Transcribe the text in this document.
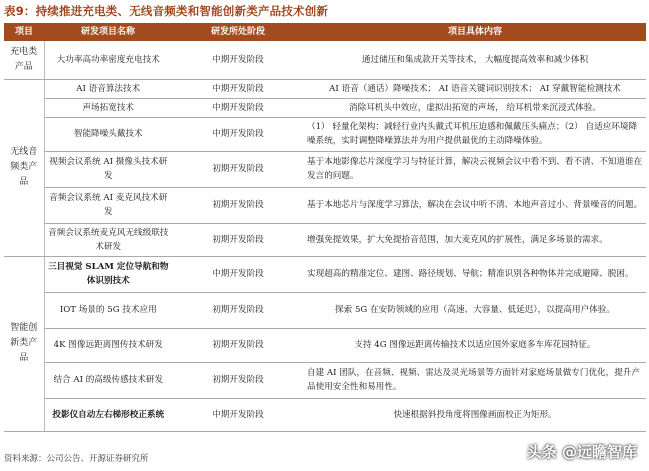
表9：持续推进充电类、无线音频类和智能创新类产品技术创新
项目	研发项目名称	研发所处阶段	项目具体内容
充电类产品	大功率高功率密度充电技术	中期开发阶段	通过储压和集成款开关等技术， 大幅度提高效率和减少体积
无线音频类产品	AI 语音算法技术	中期开发阶段	AI 语音（通话）降噪技术； AI 语音关键词识别技术； AI 穿戴智能检测技术
	声场拓宽技术	中期开发阶段	消除耳机头中效应，虚拟出拓宽的声场， 给耳机带来沉浸式体验。
	智能降噪头戴技术	中期开发阶段	（1） 轻量化架构：减轻行业内头戴式耳机压迫感和佩戴压头痛点；（2） 自适应环境降噪系统，实时调整降噪算法并为用户提供最优的主动降噪体验。
	视频会议系统 AI 摄像头技术研发	初期开发阶段	基于本地影像芯片深度学习与特征计算，解决云视频会议中看不到、看不清、不知道谁在发言的问题。
	音频会议系统 AI 麦克风技术研发	初期开发阶段	基于本地芯片与深度学习算法，解决在会议中听不清、本地声音过小、背景噪音的问题。
	音频会议系统麦克风无线级联技术研发	初期开发阶段	增强免提效果，扩大免提拾音范围，加大麦克风的扩展性，满足多场景的需求。
智能创新类产品	三目视觉 SLAM 定位导航和物体识别技术	中期开发阶段	实现超高的精准定位、建图、路径规划、导航；精准识别各种物体并完成避障、脱困。
	IOT 场景的 5G 技术应用	初期开发阶段	探索 5G 在安防领域的应用（高速、大容量、低延迟），以提高用户体验。
	4K 图像远距离图传技术研发	初期开发阶段	支持 4G 图像远距离传输技术以适应国外家庭多车库花园特征。
	结合 AI 的高级传感技术研发	初期开发阶段	自建 AI 团队，在音频、视频、雷达及灵光场景等方面针对家庭场景做专门优化，提升产品使用安全性和易用性。
	投影仪自动左右梯形校正系统	中期开发阶段	快速根据斜投角度将图像画面校正为矩形。
资料来源：公司公告、开源证券研究所	头条 @远瞻智库
